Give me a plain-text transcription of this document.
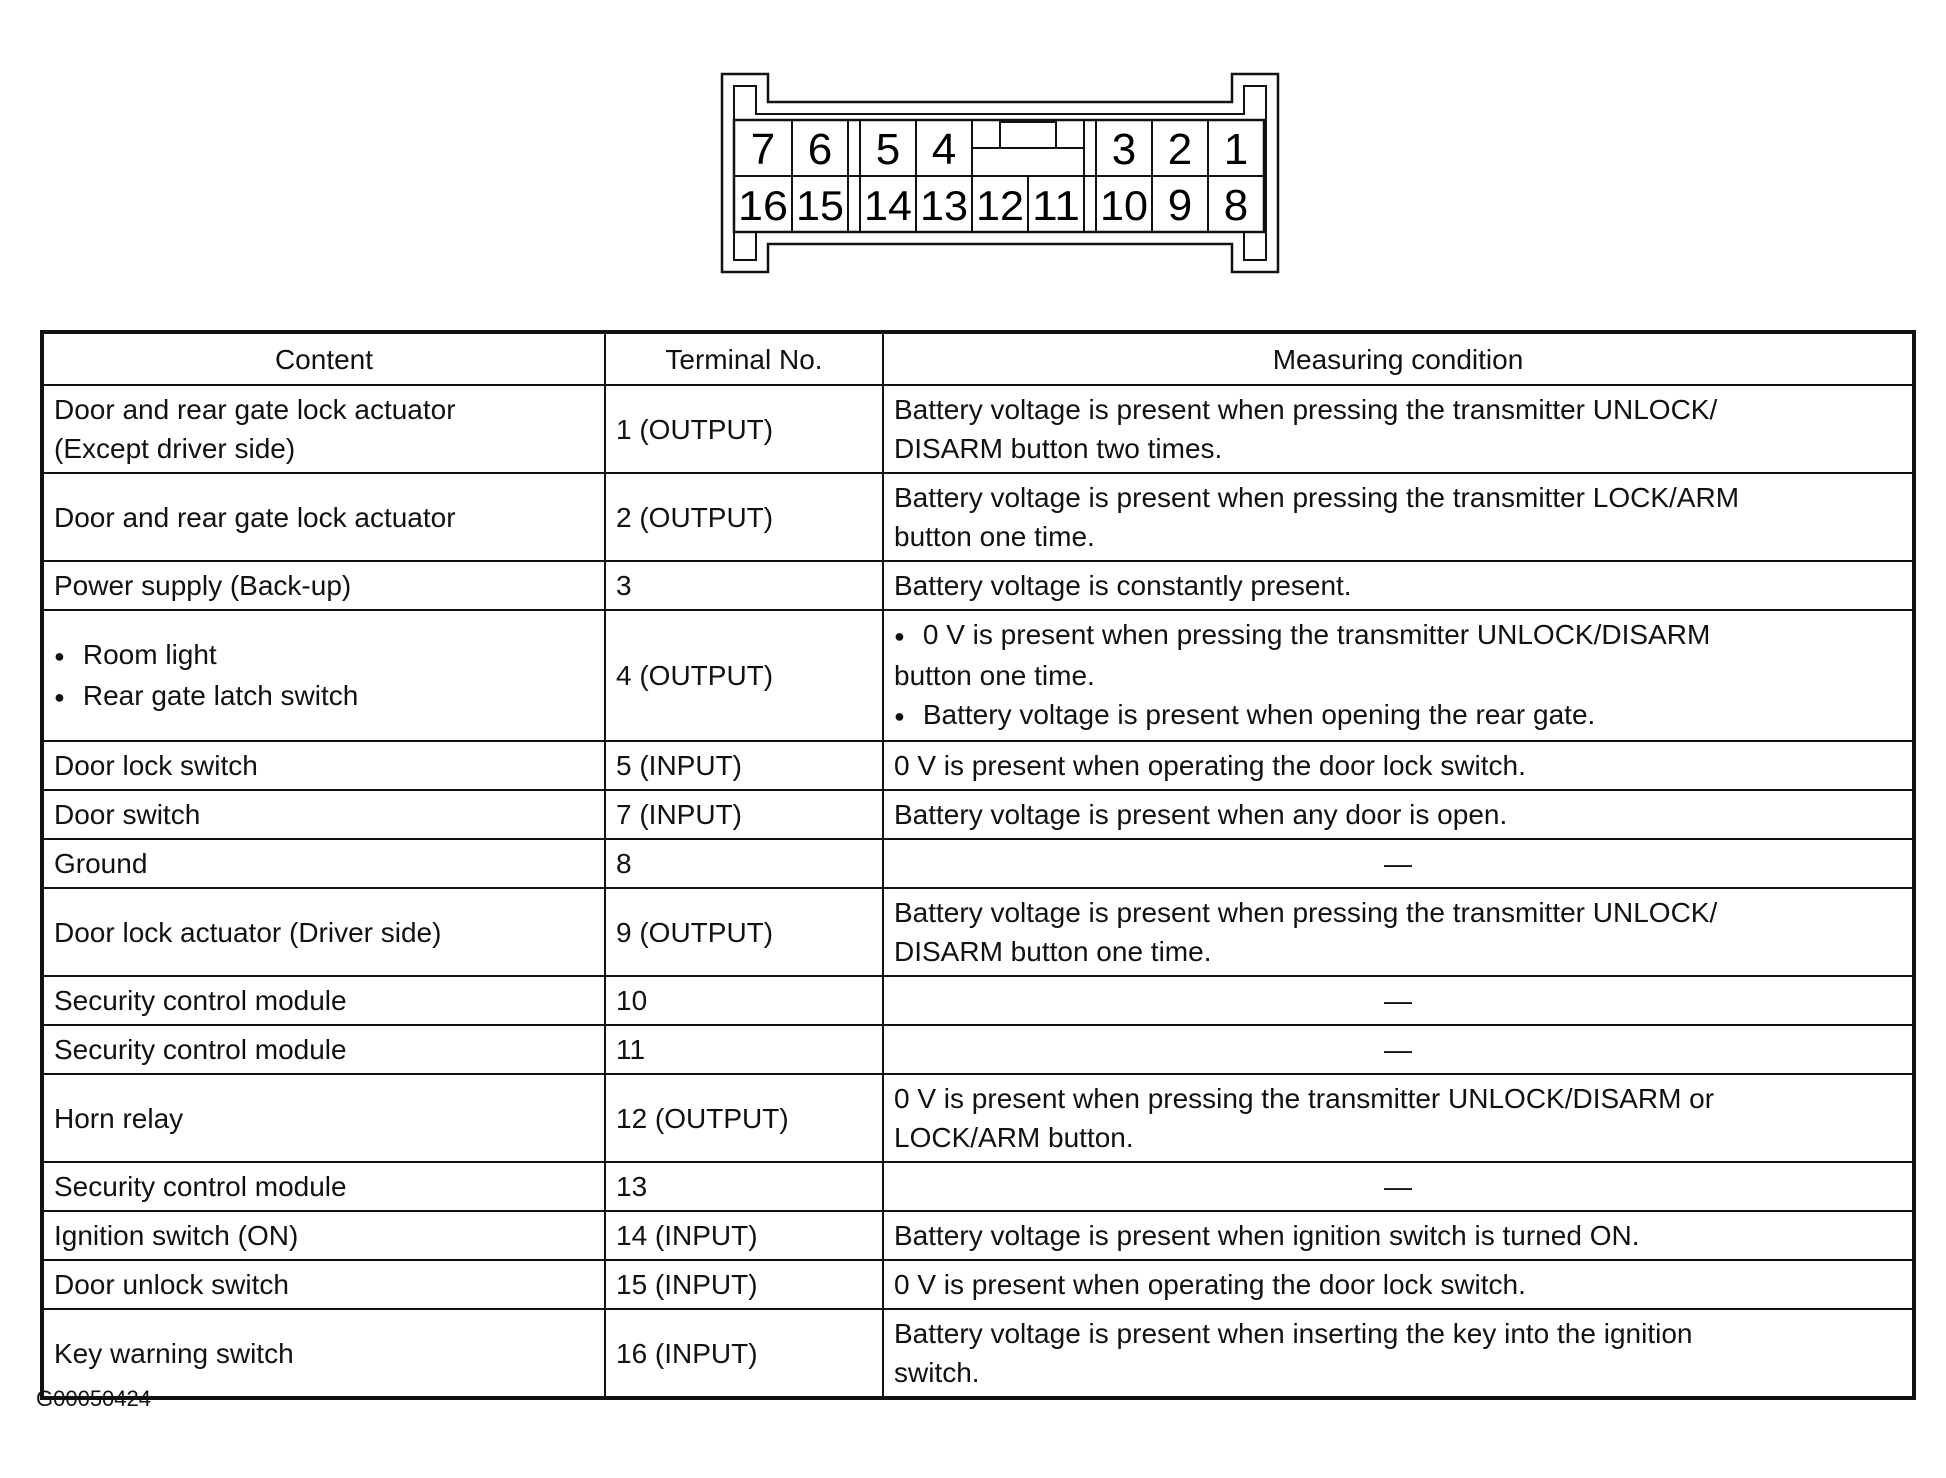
7 6 5 4	3 2 1
16 15 14 13 12 11 10 9 8
Content	Terminal No.	Measuring condition

Door and rear gate lock actuator
(Except driver side)	1 (OUTPUT)	Battery voltage is present when pressing the transmitter UNLOCK/
DISARM button two times.

Door and rear gate lock actuator	2 (OUTPUT)	Battery voltage is present when pressing the transmitter LOCK/ARM
button one time.

Power supply (Back-up)	3	Battery voltage is constantly present.

● Room light
● Rear gate latch switch	4 (OUTPUT)	● 0 V is present when pressing the transmitter UNLOCK/DISARM
button one time.
● Battery voltage is present when opening the rear gate.

Door lock switch	5 (INPUT)	0 V is present when operating the door lock switch.
Door switch	7 (INPUT)	Battery voltage is present when any door is open.
Ground	8	—
Door lock actuator (Driver side)	9 (OUTPUT)	Battery voltage is present when pressing the transmitter UNLOCK/
DISARM button one time.

Security control module	10	—
Security control module	11	—
Horn relay	12 (OUTPUT)	0 V is present when pressing the transmitter UNLOCK/DISARM or
LOCK/ARM button.

Security control module	13	—
Ignition switch (ON)	14 (INPUT)	Battery voltage is present when ignition switch is turned ON.
Door unlock switch	15 (INPUT)	0 V is present when operating the door lock switch.
Key warning switch	16 (INPUT)	Battery voltage is present when inserting the key into the ignition
switch.
G00050424
